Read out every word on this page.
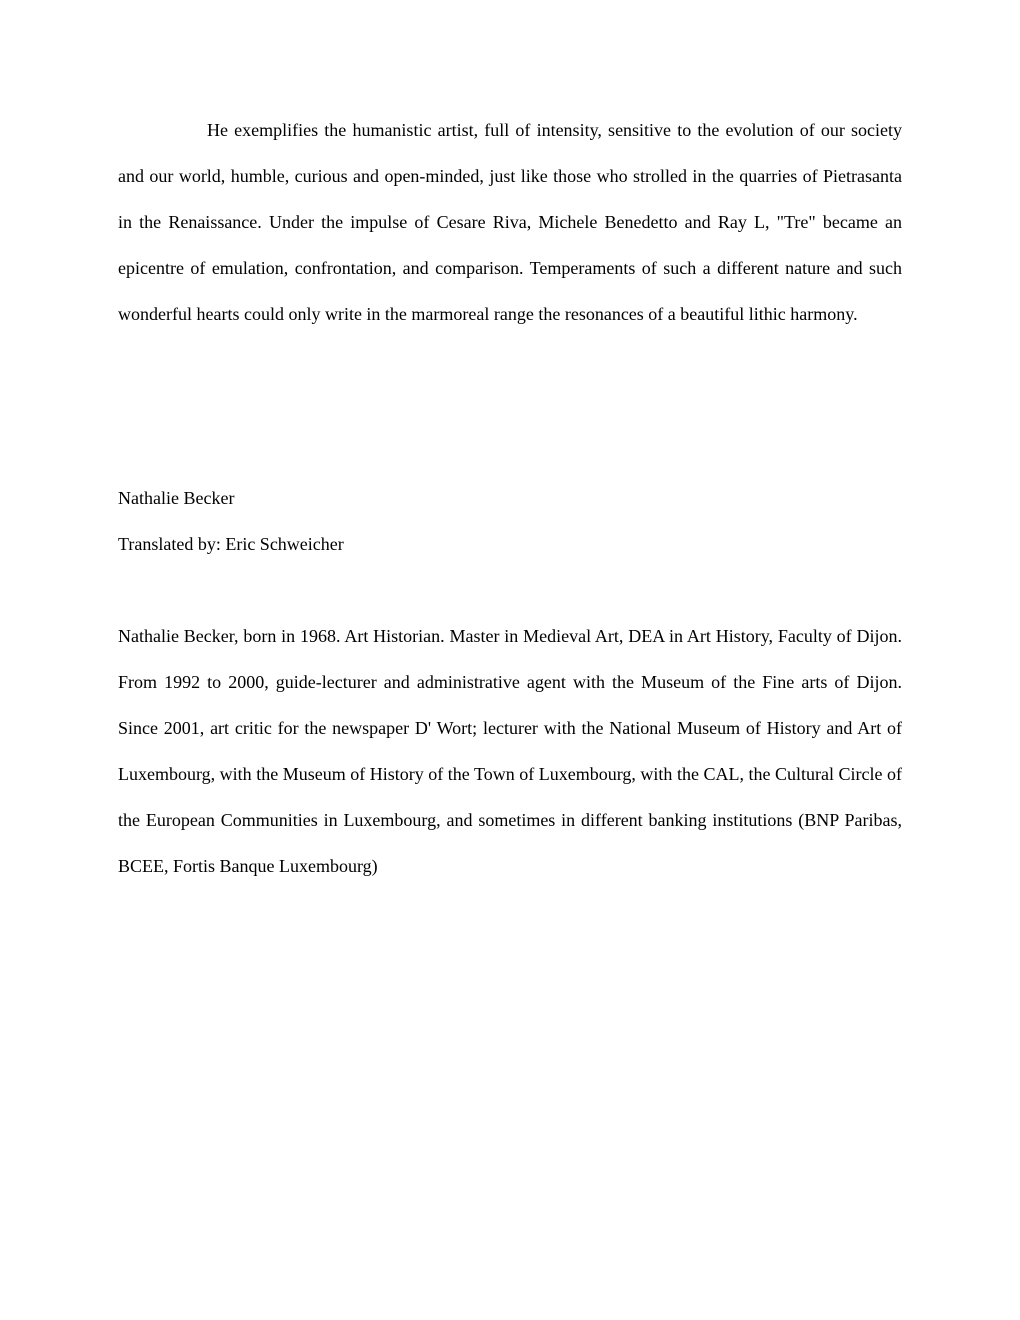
He exemplifies the humanistic artist, full of intensity, sensitive to the evolution of our society and our world, humble, curious and open-minded, just like those who strolled in the quarries of Pietrasanta in the Renaissance. Under the impulse of Cesare Riva, Michele Benedetto and Ray L, "Tre" became an epicentre of emulation, confrontation, and comparison. Temperaments of such a different nature and such wonderful hearts could only write in the marmoreal range the resonances of a beautiful lithic harmony.

Nathalie Becker

Translated by: Eric Schweicher

Nathalie Becker, born in 1968. Art Historian. Master in Medieval Art, DEA in Art History, Faculty of Dijon. From 1992 to 2000, guide-lecturer and administrative agent with the Museum of the Fine arts of Dijon. Since 2001, art critic for the newspaper D' Wort; lecturer with the National Museum of History and Art of Luxembourg, with the Museum of History of the Town of Luxembourg, with the CAL, the Cultural Circle of the European Communities in Luxembourg, and sometimes in different banking institutions (BNP Paribas, BCEE, Fortis Banque Luxembourg)
